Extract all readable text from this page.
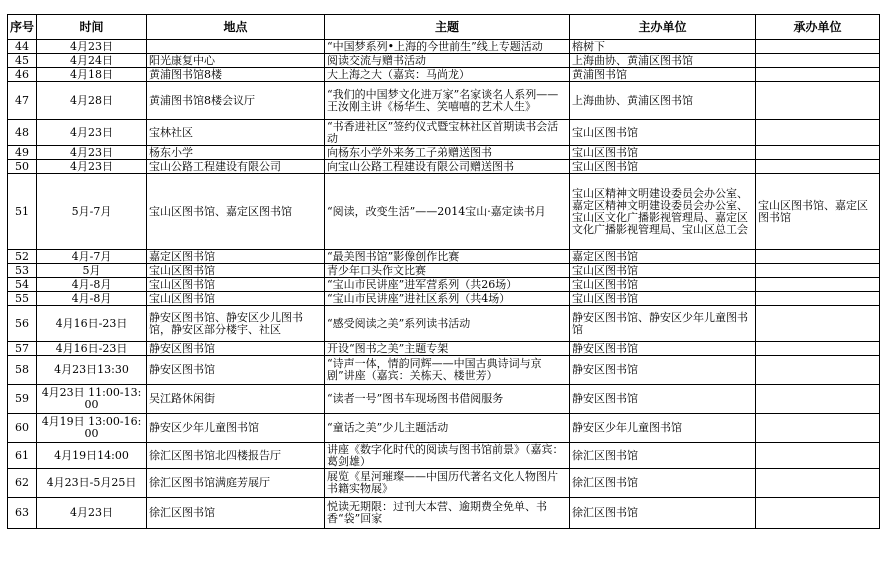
序号	时间	地点	主题	主办单位	承办单位
44	4月23日		“中国梦系列•上海的今世前生”线上专题活动	榕树下	
45	4月24日	阳光康复中心	阅读交流与赠书活动	上海曲协、黄浦区图书馆	
46	4月18日	黄浦图书馆8楼	大上海之大（嘉宾：马尚龙）	黄浦图书馆	
47	4月28日	黄浦图书馆8楼会议厅	“我们的中国梦文化进万家”名家谈名人系列——王汝刚主讲《杨华生、笑嘻嘻的艺术人生》	上海曲协、黄浦区图书馆	
48	4月23日	宝林社区	“书香进社区”签约仪式暨宝林社区首期读书会活动	宝山区图书馆	
49	4月23日	杨东小学	向杨东小学外来务工子弟赠送图书	宝山区图书馆	
50	4月23日	宝山公路工程建设有限公司	向宝山公路工程建设有限公司赠送图书	宝山区图书馆	
51	5月-7月	宝山区图书馆、嘉定区图书馆	“阅读，改变生活”——2014宝山·嘉定读书月	宝山区精神文明建设委员会办公室、嘉定区精神文明建设委员会办公室、宝山区文化广播影视管理局、嘉定区文化广播影视管理局、宝山区总工会	宝山区图书馆、嘉定区图书馆
52	4月-7月	嘉定区图书馆	“最美图书馆”影像创作比赛	嘉定区图书馆	
53	5月	宝山区图书馆	青少年口头作文比赛	宝山区图书馆	
54	4月-8月	宝山区图书馆	“宝山市民讲座”进军营系列（共26场）	宝山区图书馆	
55	4月-8月	宝山区图书馆	“宝山市民讲座”进社区系列（共4场）	宝山区图书馆	
56	4月16日-23日	静安区图书馆、静安区少儿图书馆，静安区部分楼宇、社区	“感受阅读之美”系列读书活动	静安区图书馆、静安区少年儿童图书馆	
57	4月16日-23日	静安区图书馆	开设“图书之美”主题专架	静安区图书馆	
58	4月23日13:30	静安区图书馆	“诗声一体，情韵同辉——中国古典诗词与京剧”讲座（嘉宾：关栋天、楼世芳）	静安区图书馆	
59	4月23日 11:00-13:00	吴江路休闲街	“读者一号”图书车现场图书借阅服务	静安区图书馆	
60	4月19日 13:00-16:00	静安区少年儿童图书馆	“童话之美”少儿主题活动	静安区少年儿童图书馆	
61	4月19日14:00	徐汇区图书馆北四楼报告厅	讲座《数字化时代的阅读与图书馆前景》（嘉宾：葛剑雄）	徐汇区图书馆	
62	4月23日-5月25日	徐汇区图书馆满庭芳展厅	展览《星河璀璨——中国历代著名文化人物图片书籍实物展》	徐汇区图书馆	
63	4月23日	徐汇区图书馆	悦读无期限：过刊大本营、逾期费全免单、书香“袋”回家	徐汇区图书馆	
